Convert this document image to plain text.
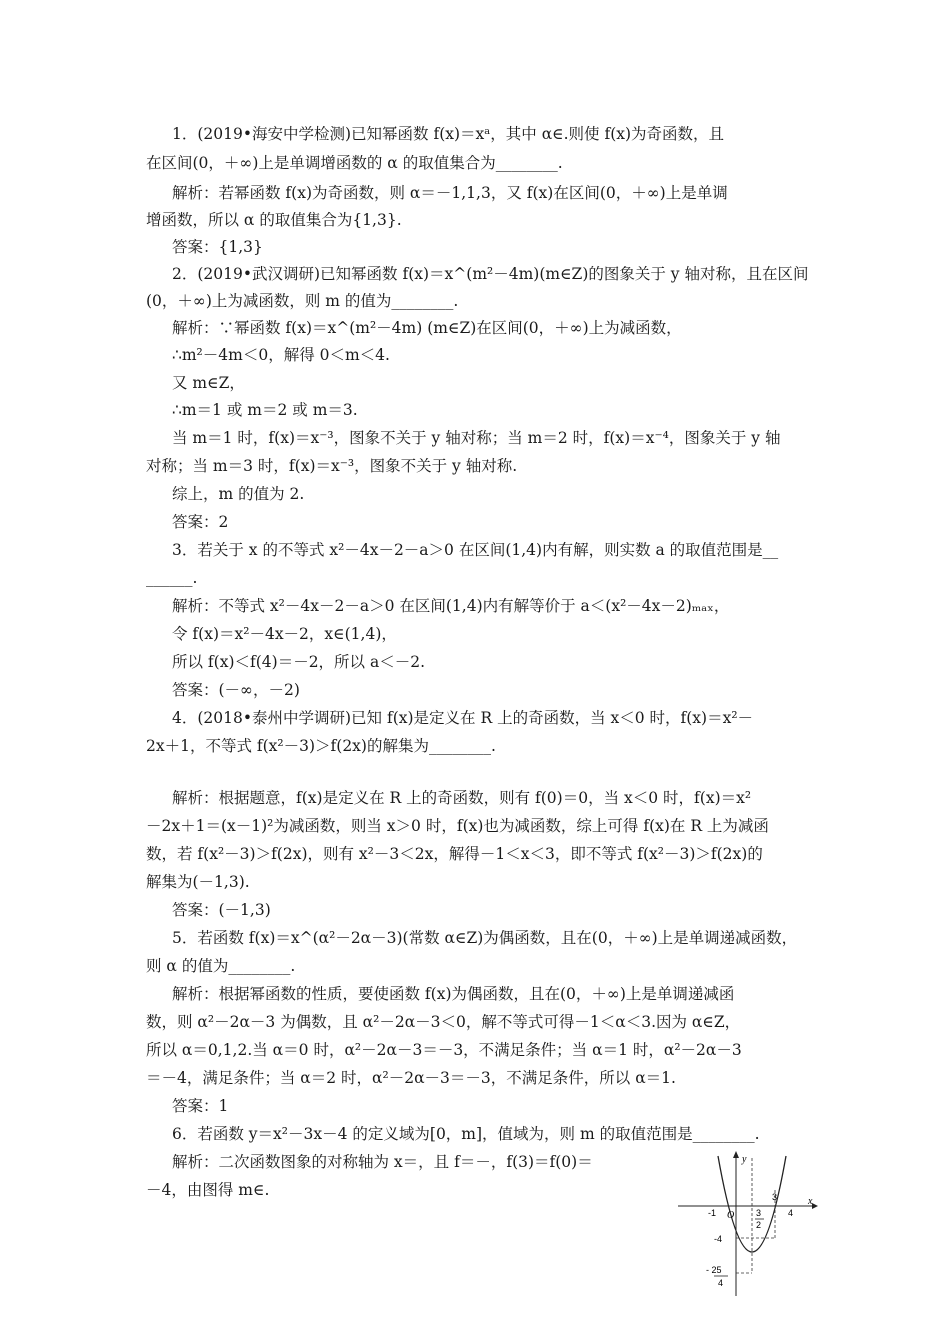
1．(2019•海安中学检测)已知幂函数 f(x)＝xᵃ，其中 α∈.则使 f(x)为奇函数，且
在区间(0，＋∞)上是单调增函数的 α 的取值集合为________.
解析：若幂函数 f(x)为奇函数，则 α＝－1,1,3，又 f(x)在区间(0，＋∞)上是单调
增函数，所以 α 的取值集合为{1,3}.
答案：{1,3}
2．(2019•武汉调研)已知幂函数 f(x)＝x^(m²－4m)(m∈Z)的图象关于 y 轴对称，且在区间
(0，＋∞)上为减函数，则 m 的值为________.
解析：∵幂函数 f(x)＝x^(m²－4m) (m∈Z)在区间(0，＋∞)上为减函数，
∴m²－4m＜0，解得 0＜m＜4.
又 m∈Z，
∴m＝1 或 m＝2 或 m＝3.
当 m＝1 时，f(x)＝x⁻³，图象不关于 y 轴对称；当 m＝2 时，f(x)＝x⁻⁴，图象关于 y 轴
对称；当 m＝3 时，f(x)＝x⁻³，图象不关于 y 轴对称.
综上，m 的值为 2.
答案：2
3．若关于 x 的不等式 x²－4x－2－a＞0 在区间(1,4)内有解，则实数 a 的取值范围是__
______.
解析：不等式 x²－4x－2－a＞0 在区间(1,4)内有解等价于 a＜(x²－4x－2)ₘₐₓ，
令 f(x)＝x²－4x－2，x∈(1,4)，
所以 f(x)＜f(4)＝－2，所以 a＜－2.
答案：(－∞，－2)
4．(2018•泰州中学调研)已知 f(x)是定义在 R 上的奇函数，当 x＜0 时，f(x)＝x²－
2x＋1，不等式 f(x²－3)＞f(2x)的解集为________.
解析：根据题意，f(x)是定义在 R 上的奇函数，则有 f(0)＝0，当 x＜0 时，f(x)＝x²
－2x＋1＝(x－1)²为减函数，则当 x＞0 时，f(x)也为减函数，综上可得 f(x)在 R 上为减函
数，若 f(x²－3)＞f(2x)，则有 x²－3＜2x，解得－1＜x＜3，即不等式 f(x²－3)＞f(2x)的
解集为(－1,3).
答案：(－1,3)
5．若函数 f(x)＝x^(α²－2α－3)(常数 α∈Z)为偶函数，且在(0，＋∞)上是单调递减函数，
则 α 的值为________.
解析：根据幂函数的性质，要使函数 f(x)为偶函数，且在(0，＋∞)上是单调递减函
数，则 α²－2α－3 为偶数，且 α²－2α－3＜0，解不等式可得－1＜α＜3.因为 α∈Z，
所以 α＝0,1,2.当 α＝0 时，α²－2α－3＝－3，不满足条件；当 α＝1 时，α²－2α－3
＝－4，满足条件；当 α＝2 时，α²－2α－3＝－3，不满足条件，所以 α＝1.
答案：1
6．若函数 y＝x²－3x－4 的定义域为[0，m]，值域为，则 m 的取值范围是________.
解析：二次函数图象的对称轴为 x＝，且 f＝－，f(3)＝f(0)＝
－4，由图得 m∈.
y
x
O
-1
3
3
2
4
-4
- 25
4
